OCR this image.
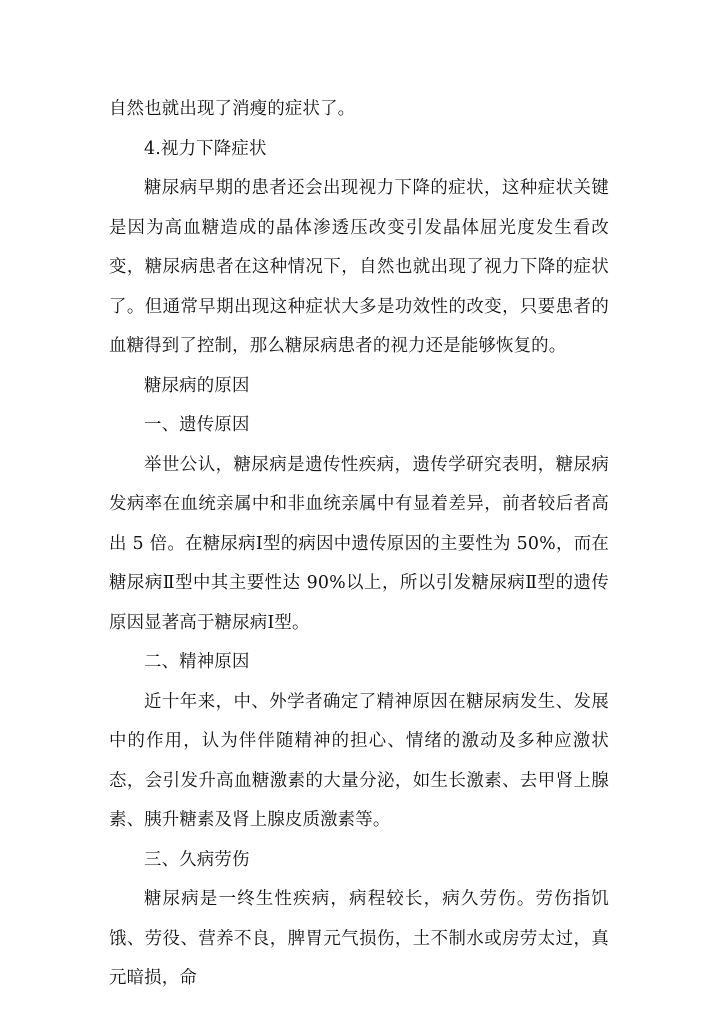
自然也就出现了消瘦的症状了。

4.视力下降症状

糖尿病早期的患者还会出现视力下降的症状，这种症状关键是因为高血糖造成的晶体渗透压改变引发晶体屈光度发生看改变，糖尿病患者在这种情况下，自然也就出现了视力下降的症状了。但通常早期出现这种症状大多是功效性的改变，只要患者的血糖得到了控制，那么糖尿病患者的视力还是能够恢复的。

糖尿病的原因

一、遗传原因

举世公认，糖尿病是遗传性疾病，遗传学研究表明，糖尿病发病率在血统亲属中和非血统亲属中有显着差异，前者较后者高出 5 倍。在糖尿病Ⅰ型的病因中遗传原因的主要性为 50%，而在糖尿病Ⅱ型中其主要性达 90%以上，所以引发糖尿病Ⅱ型的遗传原因显著高于糖尿病Ⅰ型。

二、精神原因

近十年来，中、外学者确定了精神原因在糖尿病发生、发展中的作用，认为伴伴随精神的担心、情绪的激动及多种应激状态，会引发升高血糖激素的大量分泌，如生长激素、去甲肾上腺素、胰升糖素及肾上腺皮质激素等。

三、久病劳伤

糖尿病是一终生性疾病，病程较长，病久劳伤。劳伤指饥饿、劳役、营养不良，脾胃元气损伤，土不制水或房劳太过，真元暗损，命
